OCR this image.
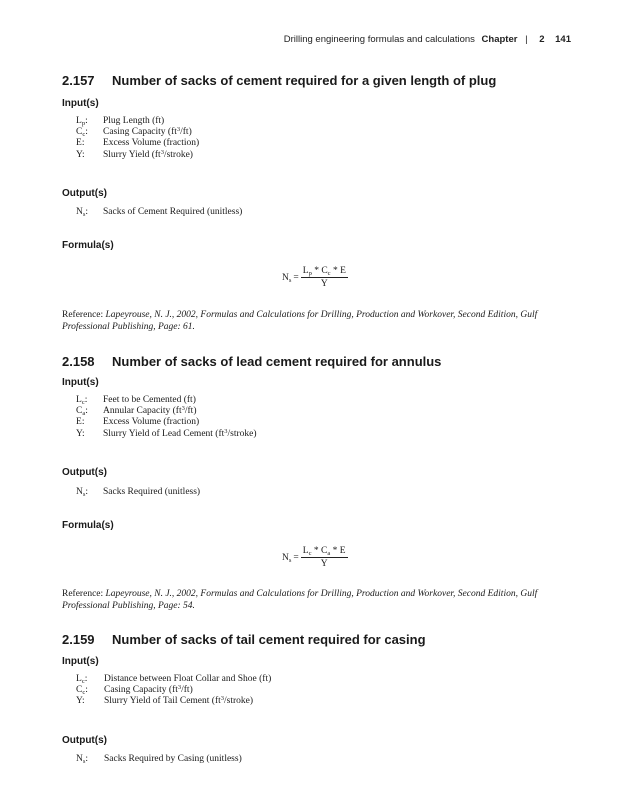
Drilling engineering formulas and calculations Chapter | 2 141
2.157 Number of sacks of cement required for a given length of plug
Input(s)
$L_p$:	Plug Length (ft)
$C_c$:	Casing Capacity $(ft^3/ft)$
E:	Excess Volume (fraction)
Y:	Slurry Yield $(ft^3/stroke)$
Output(s)
$N_s$:	Sacks of Cement Required (unitless)
Formula(s)
$N_s = \frac{L_p * C_c * E}{Y}$
Reference: Lapeyrouse, N. J., 2002, Formulas and Calculations for Drilling, Production and Workover, Second Edition, Gulf Professional Publishing, Page: 61.
2.158 Number of sacks of lead cement required for annulus
Input(s)
$L_c$:	Feet to be Cemented (ft)
$C_a$:	Annular Capacity $(ft^3/ft)$
E:	Excess Volume (fraction)
Y:	Slurry Yield of Lead Cement $(ft^3/stroke)$
Output(s)
$N_s$:	Sacks Required (unitless)
Formula(s)
$N_s = \frac{L_c * C_a * E}{Y}$
Reference: Lapeyrouse, N. J., 2002, Formulas and Calculations for Drilling, Production and Workover, Second Edition, Gulf Professional Publishing, Page: 54.
2.159 Number of sacks of tail cement required for casing
Input(s)
$L_c$:	Distance between Float Collar and Shoe (ft)
$C_c$:	Casing Capacity $(ft^3/ft)$
Y:	Slurry Yield of Tail Cement $(ft^3/stroke)$
Output(s)
$N_s$:	Sacks Required by Casing (unitless)
